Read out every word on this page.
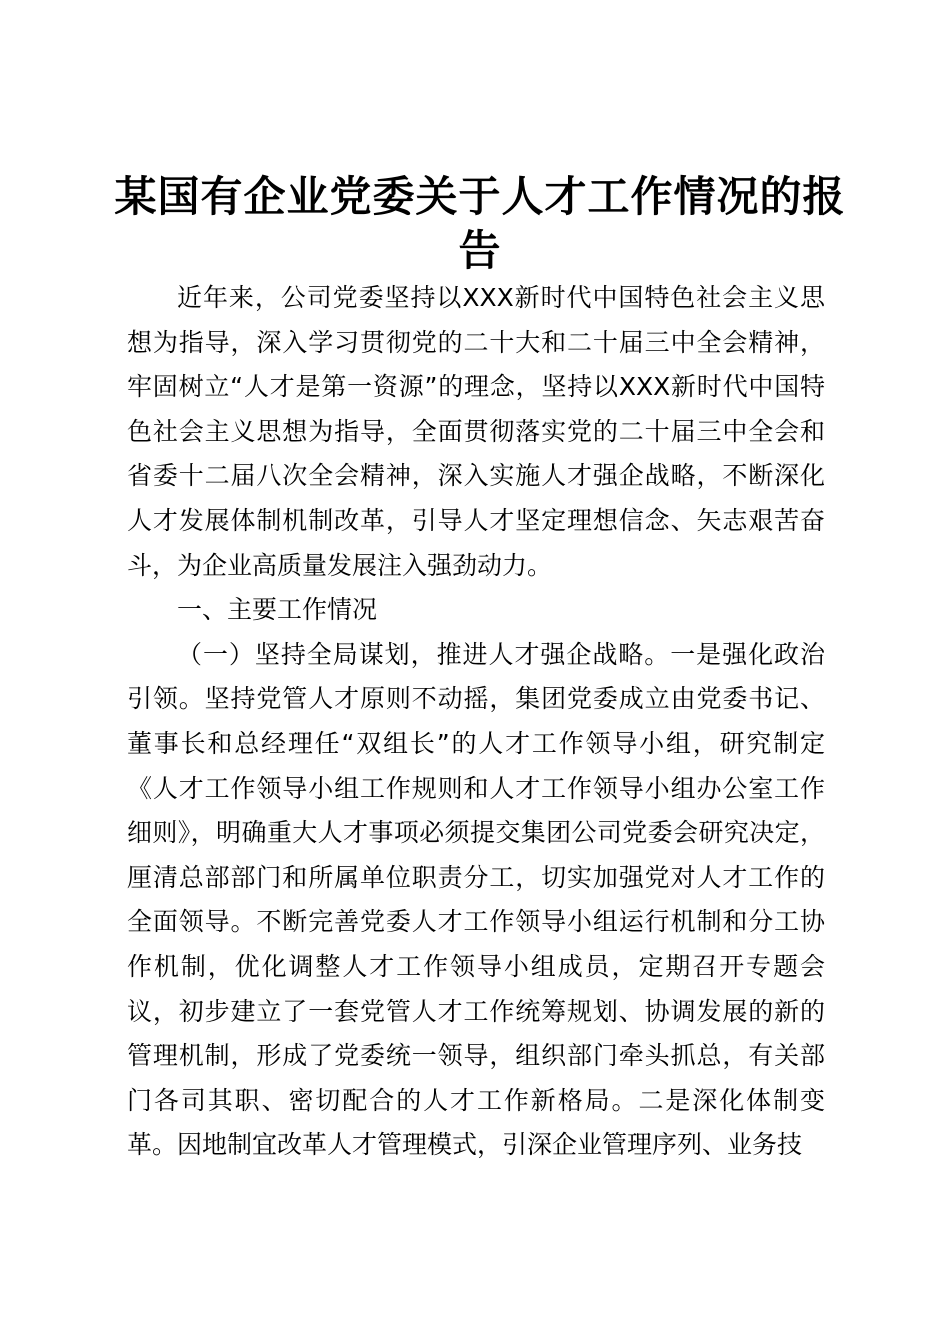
某国有企业党委关于人才工作情况的报告

近年来，公司党委坚持以XXX新时代中国特色社会主义思想为指导，深入学习贯彻党的二十大和二十届三中全会精神，牢固树立“人才是第一资源”的理念，坚持以XXX新时代中国特色社会主义思想为指导，全面贯彻落实党的二十届三中全会和省委十二届八次全会精神，深入实施人才强企战略，不断深化人才发展体制机制改革，引导人才坚定理想信念、矢志艰苦奋斗，为企业高质量发展注入强劲动力。

一、主要工作情况

（一）坚持全局谋划，推进人才强企战略。一是强化政治引领。坚持党管人才原则不动摇，集团党委成立由党委书记、董事长和总经理任“双组长”的人才工作领导小组，研究制定《人才工作领导小组工作规则和人才工作领导小组办公室工作细则》，明确重大人才事项必须提交集团公司党委会研究决定，厘清总部部门和所属单位职责分工，切实加强党对人才工作的全面领导。不断完善党委人才工作领导小组运行机制和分工协作机制，优化调整人才工作领导小组成员，定期召开专题会议，初步建立了一套党管人才工作统筹规划、协调发展的新的管理机制，形成了党委统一领导，组织部门牵头抓总，有关部门各司其职、密切配合的人才工作新格局。二是深化体制变革。因地制宜改革人才管理模式，引深企业管理序列、业务技
